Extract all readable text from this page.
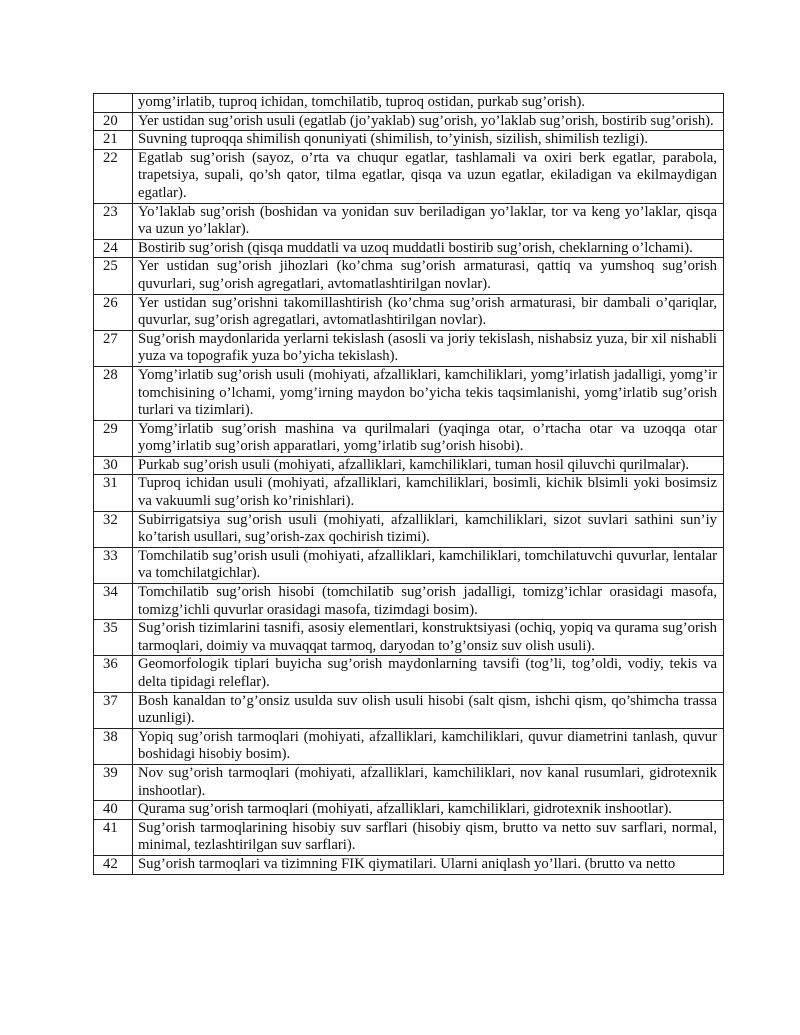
	yomg’irlatib, tuproq ichidan, tomchilatib, tuproq ostidan, purkab sug’orish).
20	Yer ustidan sug’orish usuli (egatlab (jo’yaklab) sug’orish, yo’laklab sug’orish, bostirib sug’orish).
21	Suvning tuproqqa shimilish qonuniyati (shimilish, to’yinish, sizilish, shimilish tezligi).
22	Egatlab sug’orish (sayoz, o’rta va chuqur egatlar, tashlamali va oxiri berk egatlar, parabola, trapetsiya, supali, qo’sh qator, tilma egatlar, qisqa va uzun egatlar, ekiladigan va ekilmaydigan egatlar).
23	Yo’laklab sug’orish (boshidan va yonidan suv beriladigan yo’laklar, tor va keng yo’laklar, qisqa va uzun yo’laklar).
24	Bostirib sug’orish (qisqa muddatli va uzoq muddatli bostirib sug’orish, cheklarning o’lchami).
25	Yer ustidan sug’orish jihozlari (ko’chma sug’orish armaturasi, qattiq va yumshoq sug’orish quvurlari, sug’orish agregatlari, avtomatlashtirilgan novlar).
26	Yer ustidan sug’orishni takomillashtirish (ko’chma sug’orish armaturasi, bir dambali o’qariqlar, quvurlar, sug’orish agregatlari, avtomatlashtirilgan novlar).
27	Sug’orish maydonlarida yerlarni tekislash (asosli va joriy tekislash, nishabsiz yuza, bir xil nishabli yuza va topografik yuza bo’yicha tekislash).
28	Yomg’irlatib sug’orish usuli (mohiyati, afzalliklari, kamchiliklari, yomg’irlatish jadalligi, yomg’ir tomchisining o’lchami, yomg’irning maydon bo’yicha tekis taqsimlanishi, yomg’irlatib sug’orish turlari va tizimlari).
29	Yomg’irlatib sug’orish mashina va qurilmalari (yaqinga otar, o’rtacha otar va uzoqqa otar yomg’irlatib sug’orish apparatlari, yomg’irlatib sug’orish hisobi).
30	Purkab sug’orish usuli (mohiyati, afzalliklari, kamchiliklari, tuman hosil qiluvchi qurilmalar).
31	Tuproq ichidan usuli (mohiyati, afzalliklari, kamchiliklari, bosimli, kichik blsimli yoki bosimsiz va vakuumli sug’orish ko’rinishlari).
32	Subirrigatsiya sug’orish usuli (mohiyati, afzalliklari, kamchiliklari, sizot suvlari sathini sun’iy ko’tarish usullari, sug’orish-zax qochirish tizimi).
33	Tomchilatib sug’orish usuli (mohiyati, afzalliklari, kamchiliklari, tomchilatuvchi quvurlar, lentalar va tomchilatgichlar).
34	Tomchilatib sug’orish hisobi (tomchilatib sug’orish jadalligi, tomizg’ichlar orasidagi masofa, tomizg’ichli quvurlar orasidagi masofa, tizimdagi bosim).
35	Sug’orish tizimlarini tasnifi, asosiy elementlari, konstruktsiyasi (ochiq, yopiq va qurama sug’orish tarmoqlari, doimiy va muvaqqat tarmoq, daryodan to’g’onsiz suv olish usuli).
36	Geomorfologik tiplari buyicha sug’orish maydonlarning tavsifi (tog’li, tog’oldi, vodiy, tekis va delta tipidagi releflar).
37	Bosh kanaldan to’g’onsiz usulda suv olish usuli hisobi (salt qism, ishchi qism, qo’shimcha trassa uzunligi).
38	Yopiq sug’orish tarmoqlari (mohiyati, afzalliklari, kamchiliklari, quvur diametrini tanlash, quvur boshidagi hisobiy bosim).
39	Nov sug’orish tarmoqlari (mohiyati, afzalliklari, kamchiliklari, nov kanal rusumlari, gidrotexnik inshootlar).
40	Qurama sug’orish tarmoqlari (mohiyati, afzalliklari, kamchiliklari, gidrotexnik inshootlar).
41	Sug’orish tarmoqlarining hisobiy suv sarflari (hisobiy qism, brutto va netto suv sarflari, normal, minimal, tezlashtirilgan suv sarflari).
42	Sug’orish tarmoqlari va tizimning FIK qiymatilari. Ularni aniqlash yo’llari. (brutto va netto
